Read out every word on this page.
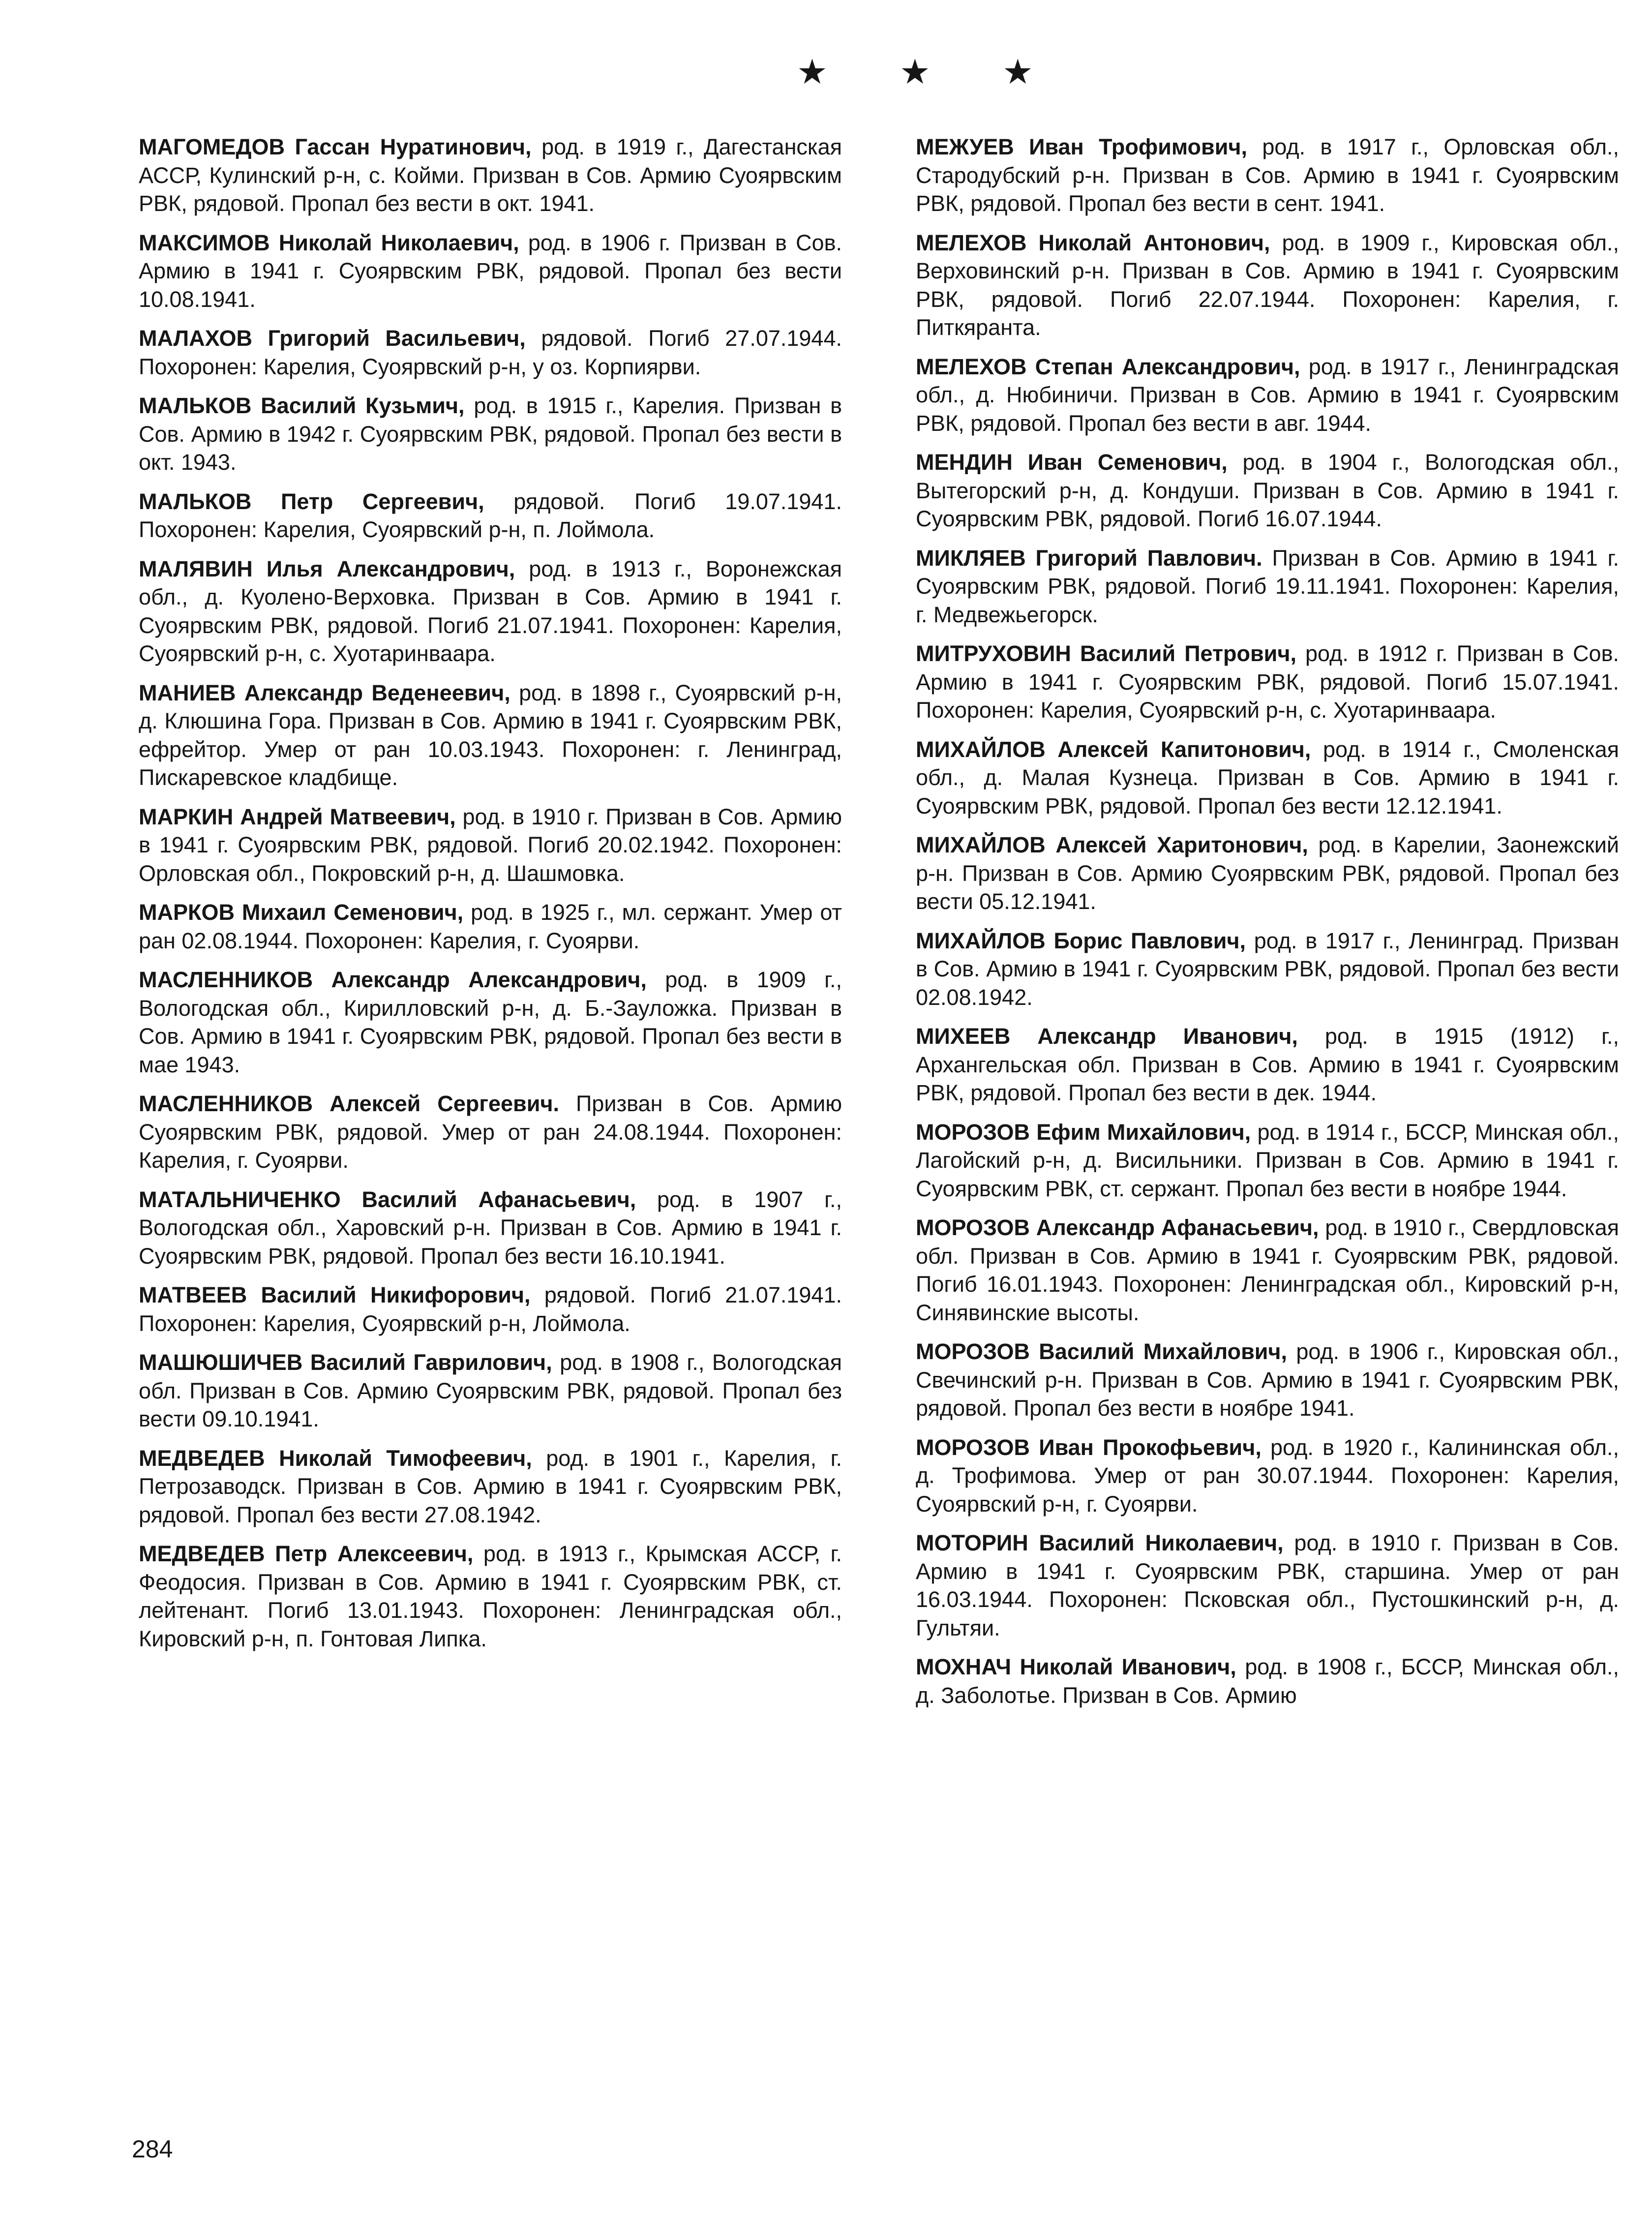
★ ★ ★

МАГОМЕДОВ Гассан Нуратинович, род. в 1919 г., Дагестанская АССР, Кулинский р-н, с. Койми. Призван в Сов. Армию Суоярвским РВК, рядовой. Пропал без вести в окт. 1941.

МАКСИМОВ Николай Николаевич, род. в 1906 г. Призван в Сов. Армию в 1941 г. Суоярвским РВК, рядовой. Пропал без вести 10.08.1941.

МАЛАХОВ Григорий Васильевич, рядовой. Погиб 27.07.1944. Похоронен: Карелия, Суоярвский р-н, у оз. Корпиярви.

МАЛЬКОВ Василий Кузьмич, род. в 1915 г., Карелия. Призван в Сов. Армию в 1942 г. Суоярвским РВК, рядовой. Пропал без вести в окт. 1943.

МАЛЬКОВ Петр Сергеевич, рядовой. Погиб 19.07.1941. Похоронен: Карелия, Суоярвский р-н, п. Лоймола.

МАЛЯВИН Илья Александрович, род. в 1913 г., Воронежская обл., д. Куолено-Верховка. Призван в Сов. Армию в 1941 г. Суоярвским РВК, рядовой. Погиб 21.07.1941. Похоронен: Карелия, Суоярвский р-н, с. Хуотаринваара.

МАНИЕВ Александр Веденеевич, род. в 1898 г., Суоярвский р-н, д. Клюшина Гора. Призван в Сов. Армию в 1941 г. Суоярвским РВК, ефрейтор. Умер от ран 10.03.1943. Похоронен: г. Ленинград, Пискаревское кладбище.

МАРКИН Андрей Матвеевич, род. в 1910 г. Призван в Сов. Армию в 1941 г. Суоярвским РВК, рядовой. Погиб 20.02.1942. Похоронен: Орловская обл., Покровский р-н, д. Шашмовка.

МАРКОВ Михаил Семенович, род. в 1925 г., мл. сержант. Умер от ран 02.08.1944. Похоронен: Карелия, г. Суоярви.

МАСЛЕННИКОВ Александр Александрович, род. в 1909 г., Вологодская обл., Кирилловский р-н, д. Б.-Зауложка. Призван в Сов. Армию в 1941 г. Суоярвским РВК, рядовой. Пропал без вести в мае 1943.

МАСЛЕННИКОВ Алексей Сергеевич. Призван в Сов. Армию Суоярвским РВК, рядовой. Умер от ран 24.08.1944. Похоронен: Карелия, г. Суоярви.

МАТАЛЬНИЧЕНКО Василий Афанасьевич, род. в 1907 г., Вологодская обл., Харовский р-н. Призван в Сов. Армию в 1941 г. Суоярвским РВК, рядовой. Пропал без вести 16.10.1941.

МАТВЕЕВ Василий Никифорович, рядовой. Погиб 21.07.1941. Похоронен: Карелия, Суоярвский р-н, Лоймола.

МАШЮШИЧЕВ Василий Гаврилович, род. в 1908 г., Вологодская обл. Призван в Сов. Армию Суоярвским РВК, рядовой. Пропал без вести 09.10.1941.

МЕДВЕДЕВ Николай Тимофеевич, род. в 1901 г., Карелия, г. Петрозаводск. Призван в Сов. Армию в 1941 г. Суоярвским РВК, рядовой. Пропал без вести 27.08.1942.

МЕДВЕДЕВ Петр Алексеевич, род. в 1913 г., Крымская АССР, г. Феодосия. Призван в Сов. Армию в 1941 г. Суоярвским РВК, ст. лейтенант. Погиб 13.01.1943. Похоронен: Ленинградская обл., Кировский р-н, п. Гонтовая Липка.

МЕЖУЕВ Иван Трофимович, род. в 1917 г., Орловская обл., Стародубский р-н. Призван в Сов. Армию в 1941 г. Суоярвским РВК, рядовой. Пропал без вести в сент. 1941.

МЕЛЕХОВ Николай Антонович, род. в 1909 г., Кировская обл., Верховинский р-н. Призван в Сов. Армию в 1941 г. Суоярвским РВК, рядовой. Погиб 22.07.1944. Похоронен: Карелия, г. Питкяранта.

МЕЛЕХОВ Степан Александрович, род. в 1917 г., Ленинградская обл., д. Нюбиничи. Призван в Сов. Армию в 1941 г. Суоярвским РВК, рядовой. Пропал без вести в авг. 1944.

МЕНДИН Иван Семенович, род. в 1904 г., Вологодская обл., Вытегорский р-н, д. Кондуши. Призван в Сов. Армию в 1941 г. Суоярвским РВК, рядовой. Погиб 16.07.1944.

МИКЛЯЕВ Григорий Павлович. Призван в Сов. Армию в 1941 г. Суоярвским РВК, рядовой. Погиб 19.11.1941. Похоронен: Карелия, г. Медвежьегорск.

МИТРУХОВИН Василий Петрович, род. в 1912 г. Призван в Сов. Армию в 1941 г. Суоярвским РВК, рядовой. Погиб 15.07.1941. Похоронен: Карелия, Суоярвский р-н, с. Хуотаринваара.

МИХАЙЛОВ Алексей Капитонович, род. в 1914 г., Смоленская обл., д. Малая Кузнеца. Призван в Сов. Армию в 1941 г. Суоярвским РВК, рядовой. Пропал без вести 12.12.1941.

МИХАЙЛОВ Алексей Харитонович, род. в Карелии, Заонежский р-н. Призван в Сов. Армию Суоярвским РВК, рядовой. Пропал без вести 05.12.1941.

МИХАЙЛОВ Борис Павлович, род. в 1917 г., Ленинград. Призван в Сов. Армию в 1941 г. Суоярвским РВК, рядовой. Пропал без вести 02.08.1942.

МИХЕЕВ Александр Иванович, род. в 1915 (1912) г., Архангельская обл. Призван в Сов. Армию в 1941 г. Суоярвским РВК, рядовой. Пропал без вести в дек. 1944.

МОРОЗОВ Ефим Михайлович, род. в 1914 г., БССР, Минская обл., Лагойский р-н, д. Висильники. Призван в Сов. Армию в 1941 г. Суоярвским РВК, ст. сержант. Пропал без вести в ноябре 1944.

МОРОЗОВ Александр Афанасьевич, род. в 1910 г., Свердловская обл. Призван в Сов. Армию в 1941 г. Суоярвским РВК, рядовой. Погиб 16.01.1943. Похоронен: Ленинградская обл., Кировский р-н, Синявинские высоты.

МОРОЗОВ Василий Михайлович, род. в 1906 г., Кировская обл., Свечинский р-н. Призван в Сов. Армию в 1941 г. Суоярвским РВК, рядовой. Пропал без вести в ноябре 1941.

МОРОЗОВ Иван Прокофьевич, род. в 1920 г., Калининская обл., д. Трофимова. Умер от ран 30.07.1944. Похоронен: Карелия, Суоярвский р-н, г. Суоярви.

МОТОРИН Василий Николаевич, род. в 1910 г. Призван в Сов. Армию в 1941 г. Суоярвским РВК, старшина. Умер от ран 16.03.1944. Похоронен: Псковская обл., Пустошкинский р-н, д. Гультяи.

МОХНАЧ Николай Иванович, род. в 1908 г., БССР, Минская обл., д. Заболотье. Призван в Сов. Армию

284
